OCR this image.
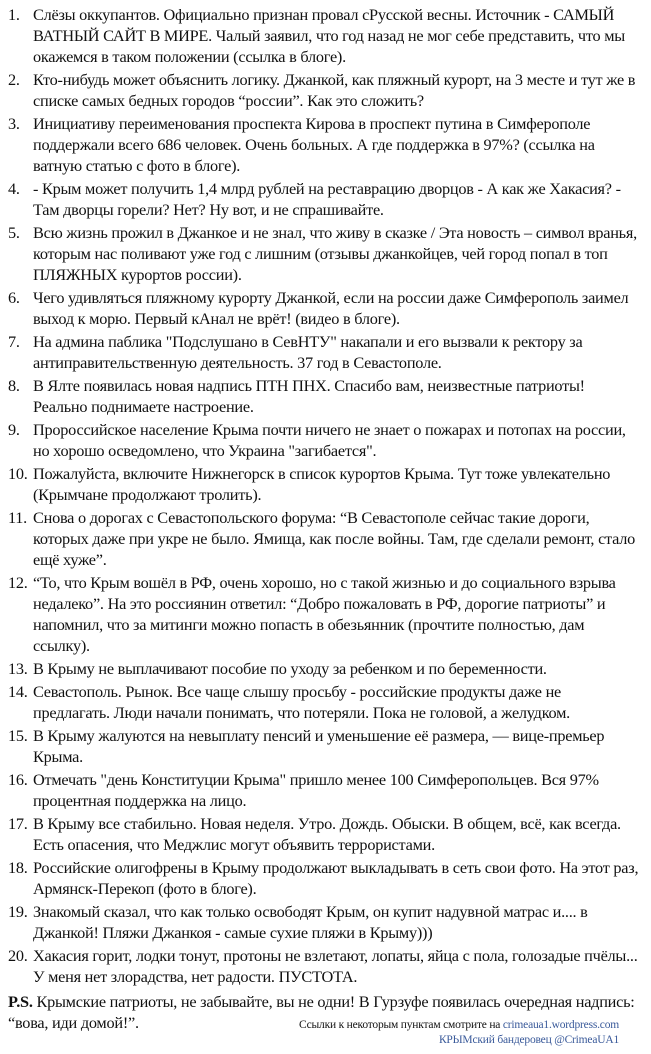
1. Слёзы оккупантов. Официально признан провал сРусской весны. Источник - САМЫЙ ВАТНЫЙ САЙТ В МИРЕ. Чалый заявил, что год назад не мог себе представить, что мы окажемся в таком положении (ссылка в блоге).
2. Кто-нибудь может объяснить логику. Джанкой, как пляжный курорт, на 3 месте и тут же в списке самых бедных городов “россии”. Как это сложить?
3. Инициативу переименования проспекта Кирова в проспект путина в Симферополе поддержали всего 686 человек. Очень больных. А где поддержка в 97%? (ссылка на ватную статью с фото в блоге).
4. - Крым может получить 1,4 млрд рублей на реставрацию дворцов - А как же Хакасия? - Там дворцы горели? Нет? Ну вот, и не спрашивайте.
5. Всю жизнь прожил в Джанкое и не знал, что живу в сказке / Эта новость – символ вранья, которым нас поливают уже год с лишним (отзывы джанкойцев, чей город попал в топ ПЛЯЖНЫХ курортов россии).
6. Чего удивляться пляжному курорту Джанкой, если на россии даже Симферополь заимел выход к морю. Первый кАнал не врёт! (видео в блоге).
7. На админа паблика "Подслушано в СевНТУ" накапали и его вызвали к ректору за антиправительственную деятельность. 37 год в Севастополе.
8. В Ялте появилась новая надпись ПТН ПНХ. Спасибо вам, неизвестные патриоты! Реально поднимаете настроение.
9. Пророссийское население Крыма почти ничего не знает о пожарах и потопах на россии, но хорошо осведомлено, что Украина "загибается".
10. Пожалуйста, включите Нижнегорск в список курортов Крыма. Тут тоже увлекательно (Крымчане продолжают тролить).
11. Снова о дорогах с Севастопольского форума: “В Севастополе сейчас такие дороги, которых даже при укре не было. Ямища, как после войны. Там, где сделали ремонт, стало ещё хуже”.
12. “То, что Крым вошёл в РФ, очень хорошо, но с такой жизнью и до социального взрыва недалеко”. На это россиянин ответил: “Добро пожаловать в РФ, дорогие патриоты” и напомнил, что за митинги можно попасть в обезьянник (прочтите полностью, дам ссылку).
13. В Крыму не выплачивают пособие по уходу за ребенком и по беременности.
14. Севастополь. Рынок. Все чаще слышу просьбу - российские продукты даже не предлагать. Люди начали понимать, что потеряли. Пока не головой, а желудком.
15. В Крыму жалуются на невыплату пенсий и уменьшение её размера, — вице-премьер Крыма.
16. Отмечать "день Конституции Крыма" пришло менее 100 Симферопольцев. Вся 97% процентная поддержка на лицо.
17. В Крыму все стабильно. Новая неделя. Утро. Дождь. Обыски. В общем, всё, как всегда. Есть опасения, что Меджлис могут объявить террористами.
18. Российские олигофрены в Крыму продолжают выкладывать в сеть свои фото. На этот раз, Армянск-Перекоп (фото в блоге).
19. Знакомый сказал, что как только освободят Крым, он купит надувной матрас и.... в Джанкой! Пляжи Джанкоя - самые сухие пляжи в Крыму)))
20. Хакасия горит, лодки тонут, протоны не взлетают, лопаты, яйца с пола, голозадые пчёлы... У меня нет злорадства, нет радости. ПУСТОТА.

P.S. Крымские патриоты, не забывайте, вы не одни! В Гурзуфе появилась очередная надпись: “вова, иди домой!”.	Ссылки к некоторым пунктам смотрите на crimeaua1.wordpress.com
КРЫМский бандеровец @CrimeaUA1
